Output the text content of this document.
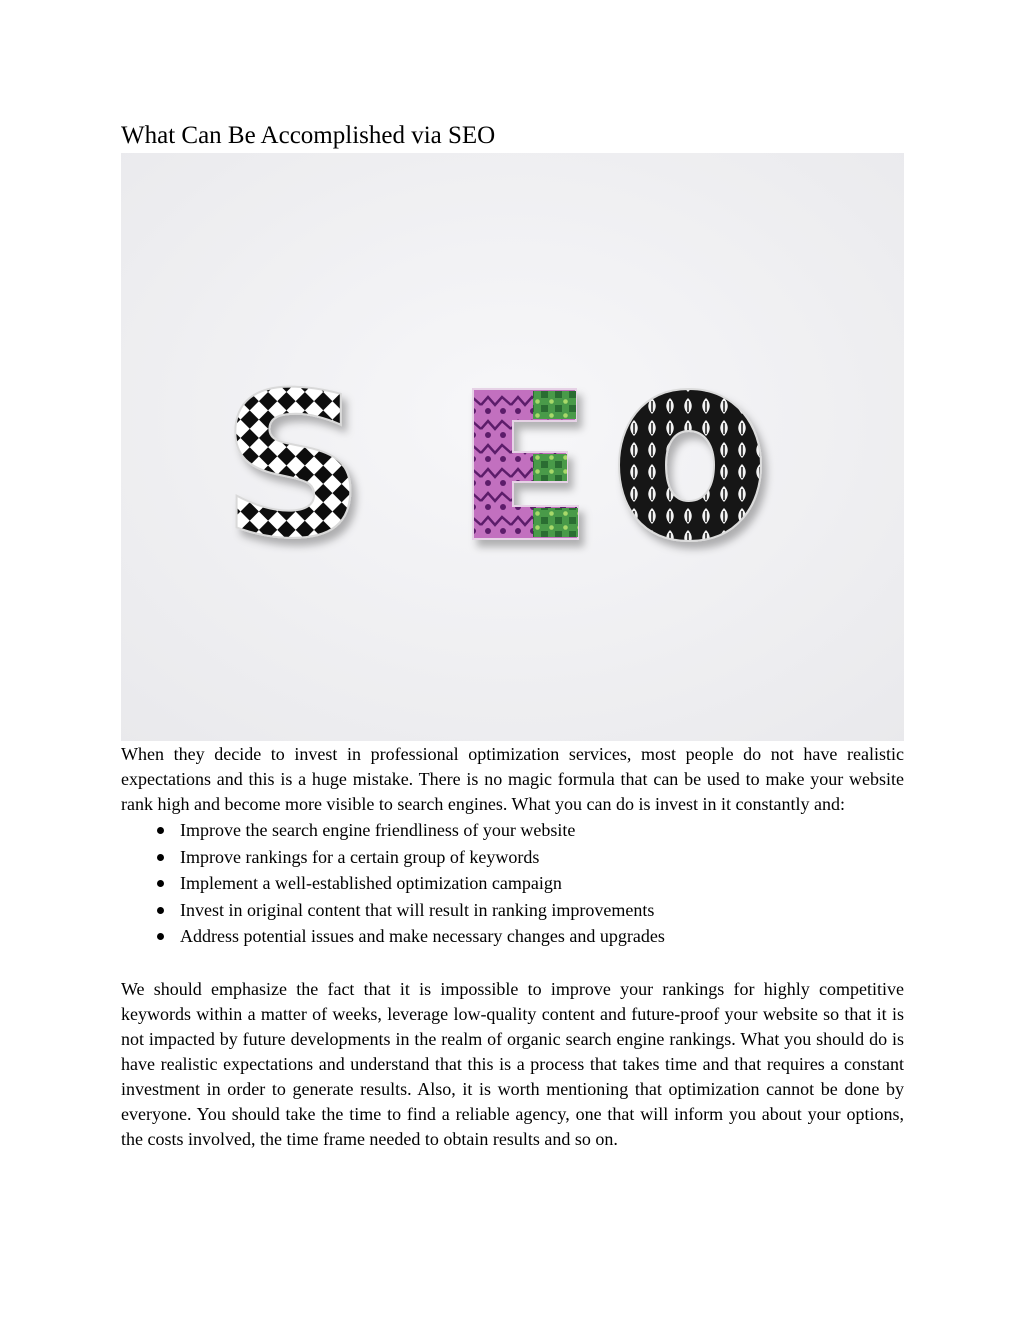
What Can Be Accomplished via SEO
S

When they decide to invest in professional optimization services, most people do not have realistic expectations and this is a huge mistake. There is no magic formula that can be used to make your website rank high and become more visible to search engines. What you can do is invest in it constantly and:

Improve the search engine friendliness of your website
Improve rankings for a certain group of keywords
Implement a well-established optimization campaign
Invest in original content that will result in ranking improvements
Address potential issues and make necessary changes and upgrades

We should emphasize the fact that it is impossible to improve your rankings for highly competitive keywords within a matter of weeks, leverage low-quality content and future-proof your website so that it is not impacted by future developments in the realm of organic search engine rankings. What you should do is have realistic expectations and understand that this is a process that takes time and that requires a constant investment in order to generate results. Also, it is worth mentioning that optimization cannot be done by everyone. You should take the time to find a reliable agency, one that will inform you about your options, the costs involved, the time frame needed to obtain results and so on.
